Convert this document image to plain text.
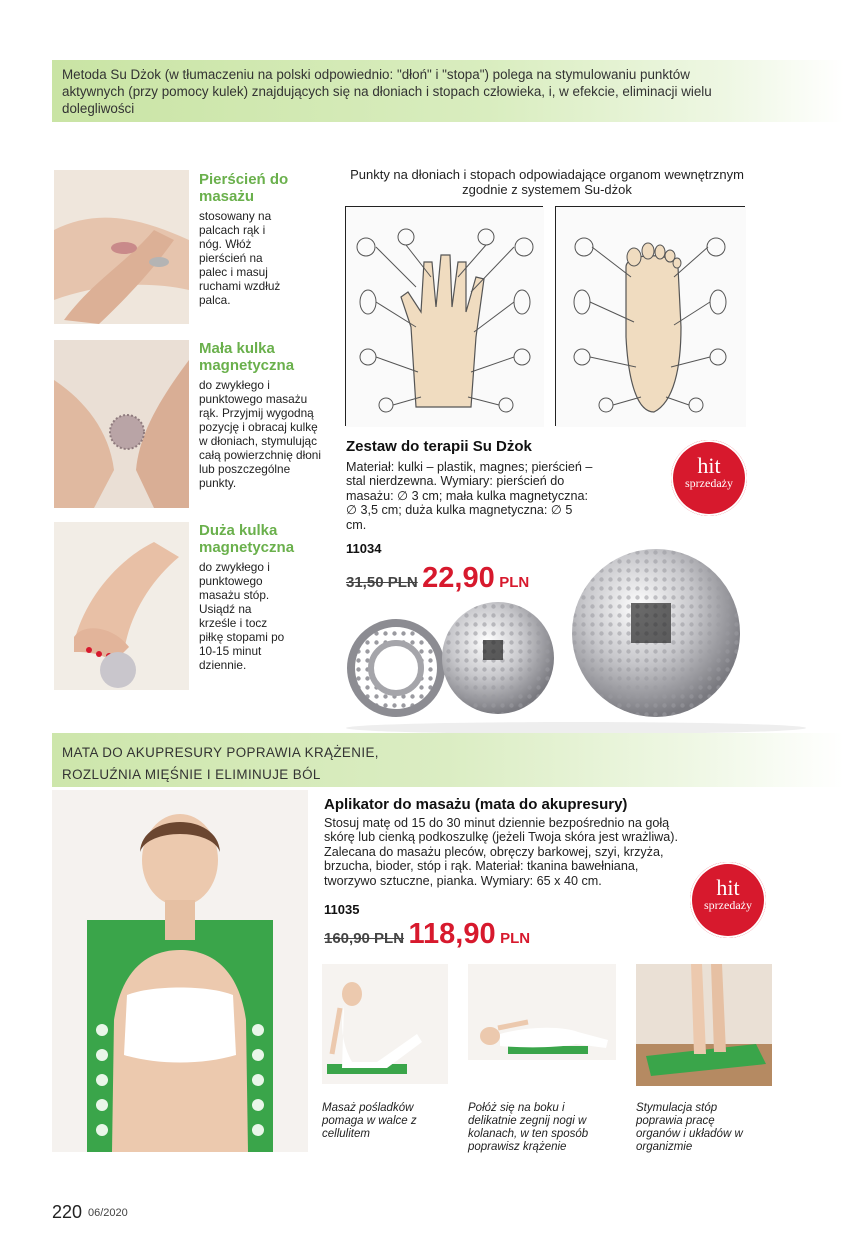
Metoda Su Dżok (w tłumaczeniu na polski odpowiednio: "dłoń" i "stopa") polega na stymulowaniu punktów aktywnych (przy pomocy kulek) znajdujących się na dłoniach i stopach człowieka, i, w efekcie, eliminacji wielu dolegliwości

Pierścień do masażu
stosowany na palcach rąk i nóg. Włóż pierścień na palec i masuj ruchami wzdłuż palca.
Mała kulka magnetyczna
do zwykłego i punktowego masażu rąk. Przyjmij wygodną pozycję i obracaj kulkę w dłoniach, stymulując całą powierzchnię dłoni lub poszczególne punkty.
Duża kulka magnetyczna
do zwykłego i punktowego masażu stóp. Usiądź na krześle i tocz piłkę stopami po 10-15 minut dziennie.
Punkty na dłoniach i stopach odpowiadające organom wewnętrznym zgodnie z systemem Su-dżok
Zestaw do terapii Su Dżok
Materiał: kulki – plastik, magnes; pierścień – stal nierdzewna. Wymiary: pierścień do masażu: ∅ 3 cm; mała kulka magnetyczna: ∅ 3,5 cm; duża kulka magnetyczna: ∅ 5 cm.
11034
31,50 PLN 22,90 PLN
hit
sprzedaży
MATA DO AKUPRESURY POPRAWIA KRĄŻENIE,
ROZLUŹNIA MIĘŚNIE I ELIMINUJE BÓL
Aplikator do masażu (mata do akupresury)
Stosuj matę od 15 do 30 minut dziennie bezpośrednio na gołą skórę lub cienką podkoszulkę (jeżeli Twoja skóra jest wrażliwa). Zalecana do masażu pleców, obręczy barkowej, szyi, krzyża, brzucha, bioder, stóp i rąk. Materiał: tkanina bawełniana, tworzywo sztuczne, pianka. Wymiary: 65 x 40 cm.
11035
160,90 PLN 118,90 PLN
hit
sprzedaży
Masaż pośladków pomaga w walce z cellulitem
Połóż się na boku i delikatnie zegnij nogi w kolanach, w ten sposób poprawisz krążenie
Stymulacja stóp poprawia pracę organów i układów w organizmie
220 06/2020
